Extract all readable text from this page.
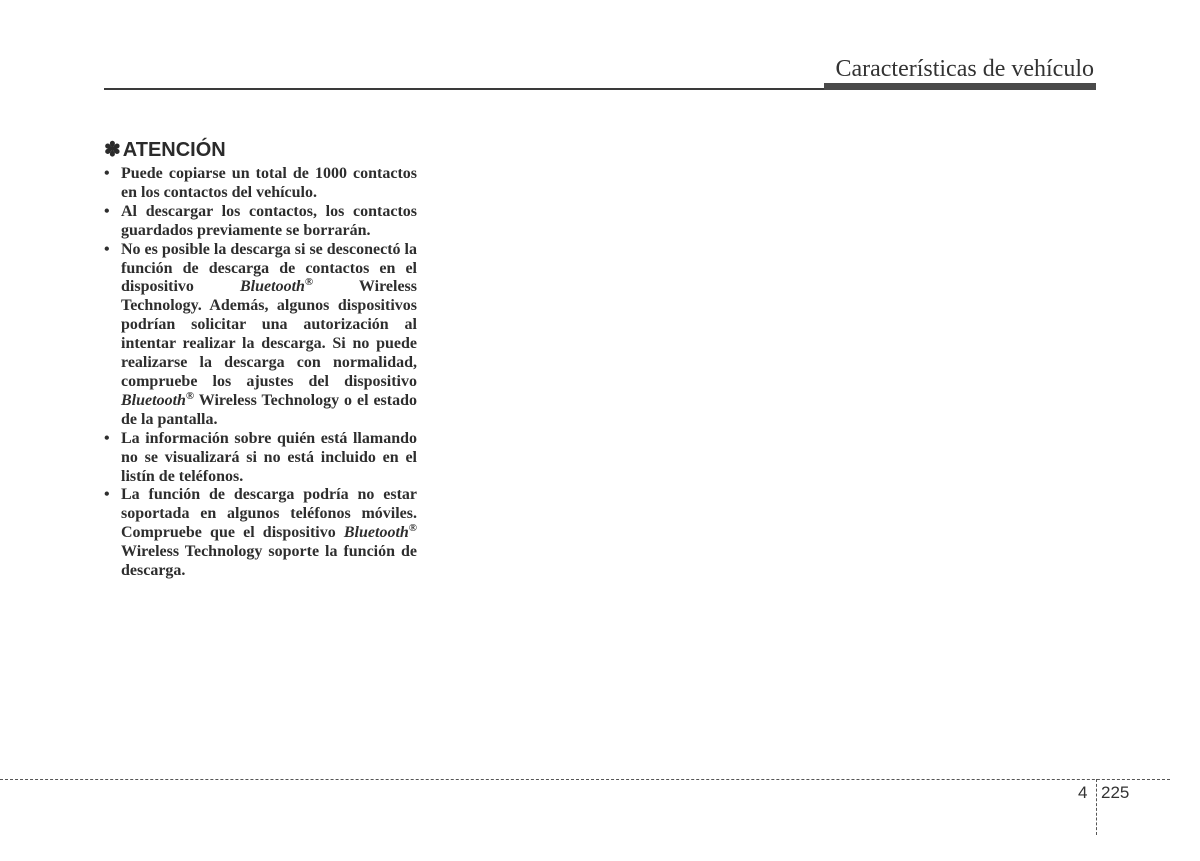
Características de vehículo
✽ ATENCIÓN
• Puede copiarse un total de 1000 contactos en los contactos del vehículo.
• Al descargar los contactos, los contactos guardados previamente se borrarán.
• No es posible la descarga si se desconectó la función de descarga de contactos en el dispositivo Bluetooth® Wireless Technology. Además, algunos dispositivos podrían solicitar una autorización al intentar realizar la descarga. Si no puede realizarse la descarga con normalidad, compruebe los ajustes del dispositivo Bluetooth® Wireless Technology o el estado de la pantalla.
• La información sobre quién está llamando no se visualizará si no está incluido en el listín de teléfonos.
• La función de descarga podría no estar soportada en algunos teléfonos móviles. Compruebe que el dispositivo Bluetooth® Wireless Technology soporte la función de descarga.
4 225
